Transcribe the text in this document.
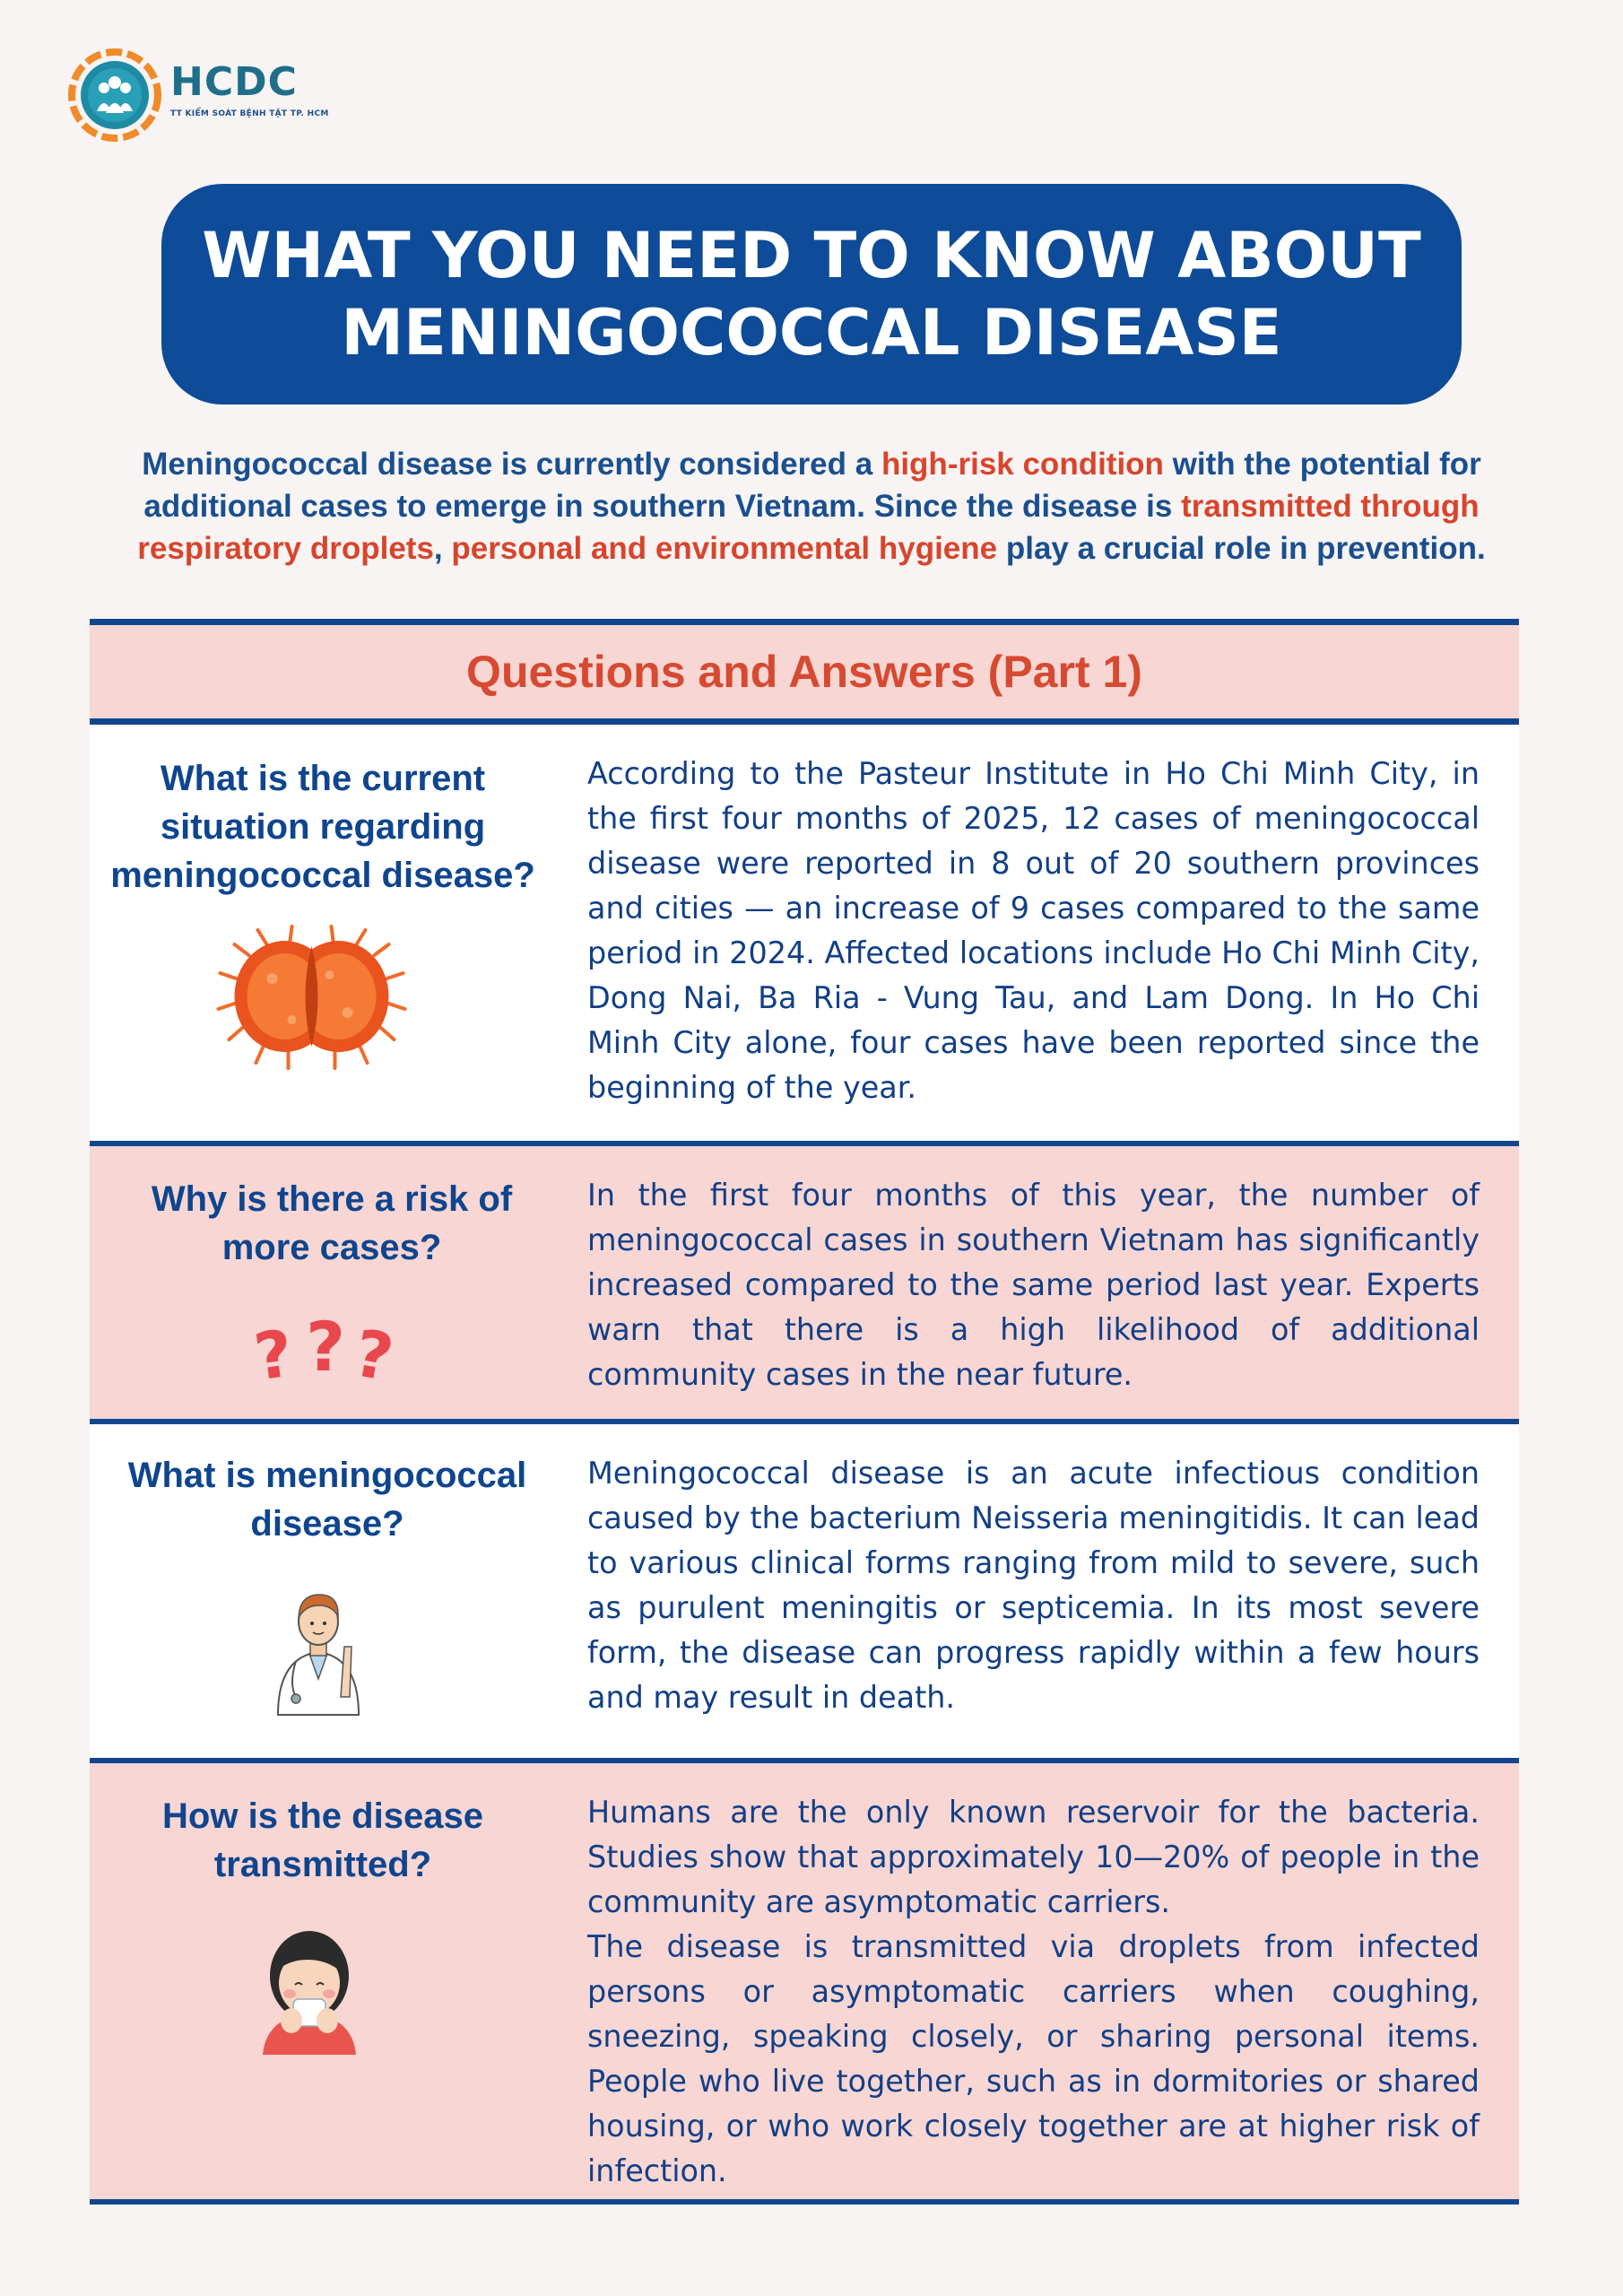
HCDC
TT KIỂM SOÁT BỆNH TẬT TP. HCM
WHAT YOU NEED TO KNOW ABOUT
MENINGOCOCCAL DISEASE
Meningococcal disease is currently considered a high-risk condition with the potential for additional cases to emerge in southern Vietnam. Since the disease is transmitted through respiratory droplets, personal and environmental hygiene play a crucial role in prevention.
Questions and Answers (Part 1)
What is the current situation regarding meningococcal disease?
According to the Pasteur Institute in Ho Chi Minh City, in the first four months of 2025, 12 cases of meningococcal disease were reported in 8 out of 20 southern provinces and cities — an increase of 9 cases compared to the same period in 2024. Affected locations include Ho Chi Minh City, Dong Nai, Ba Ria - Vung Tau, and Lam Dong. In Ho Chi Minh City alone, four cases have been reported since the beginning of the year.
Why is there a risk of more cases?
? ? ?
In the first four months of this year, the number of meningococcal cases in southern Vietnam has significantly increased compared to the same period last year. Experts warn that there is a high likelihood of additional community cases in the near future.
What is meningococcal disease?
Meningococcal disease is an acute infectious condition caused by the bacterium Neisseria meningitidis. It can lead to various clinical forms ranging from mild to severe, such as purulent meningitis or septicemia. In its most severe form, the disease can progress rapidly within a few hours and may result in death.
How is the disease transmitted?

Humans are the only known reservoir for the bacteria. Studies show that approximately 10—20% of people in the community are asymptomatic carriers.

The disease is transmitted via droplets from infected persons or asymptomatic carriers when coughing, sneezing, speaking closely, or sharing personal items. People who live together, such as in dormitories or shared housing, or who work closely together are at higher risk of infection.
